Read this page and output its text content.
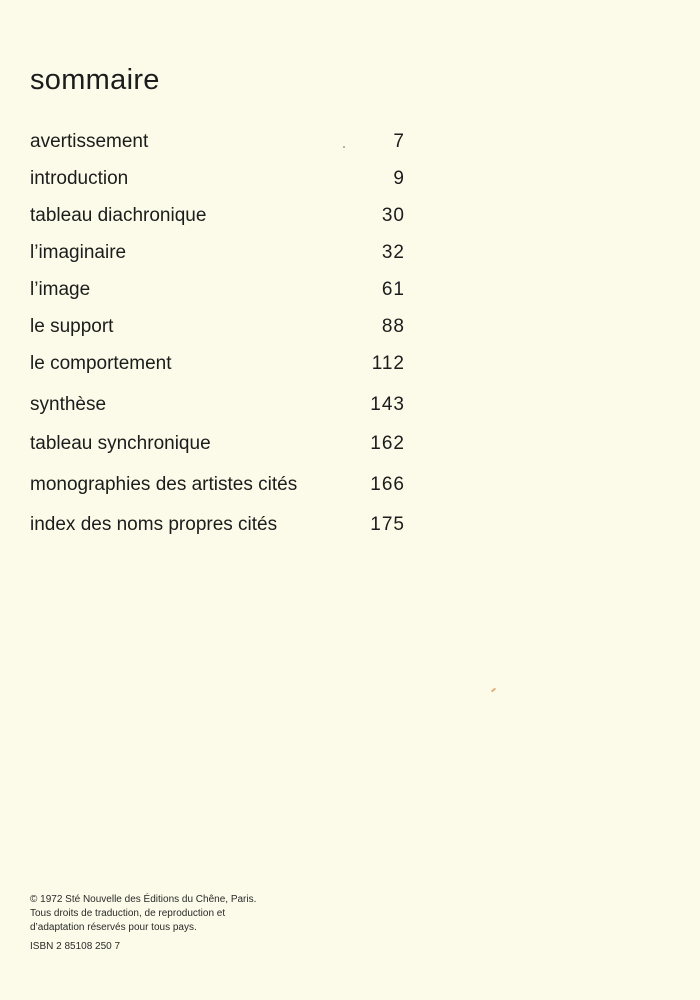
sommaire
avertissement	7
introduction	9
tableau diachronique	30
l’imaginaire	32
l’image	61
le support	88
le comportement	112
synthèse	143
tableau synchronique	162
monographies des artistes cités	166
index des noms propres cités	175
© 1972 Sté Nouvelle des Éditions du Chêne, Paris.
Tous droits de traduction, de reproduction et
d’adaptation réservés pour tous pays.
ISBN 2 85108 250 7
